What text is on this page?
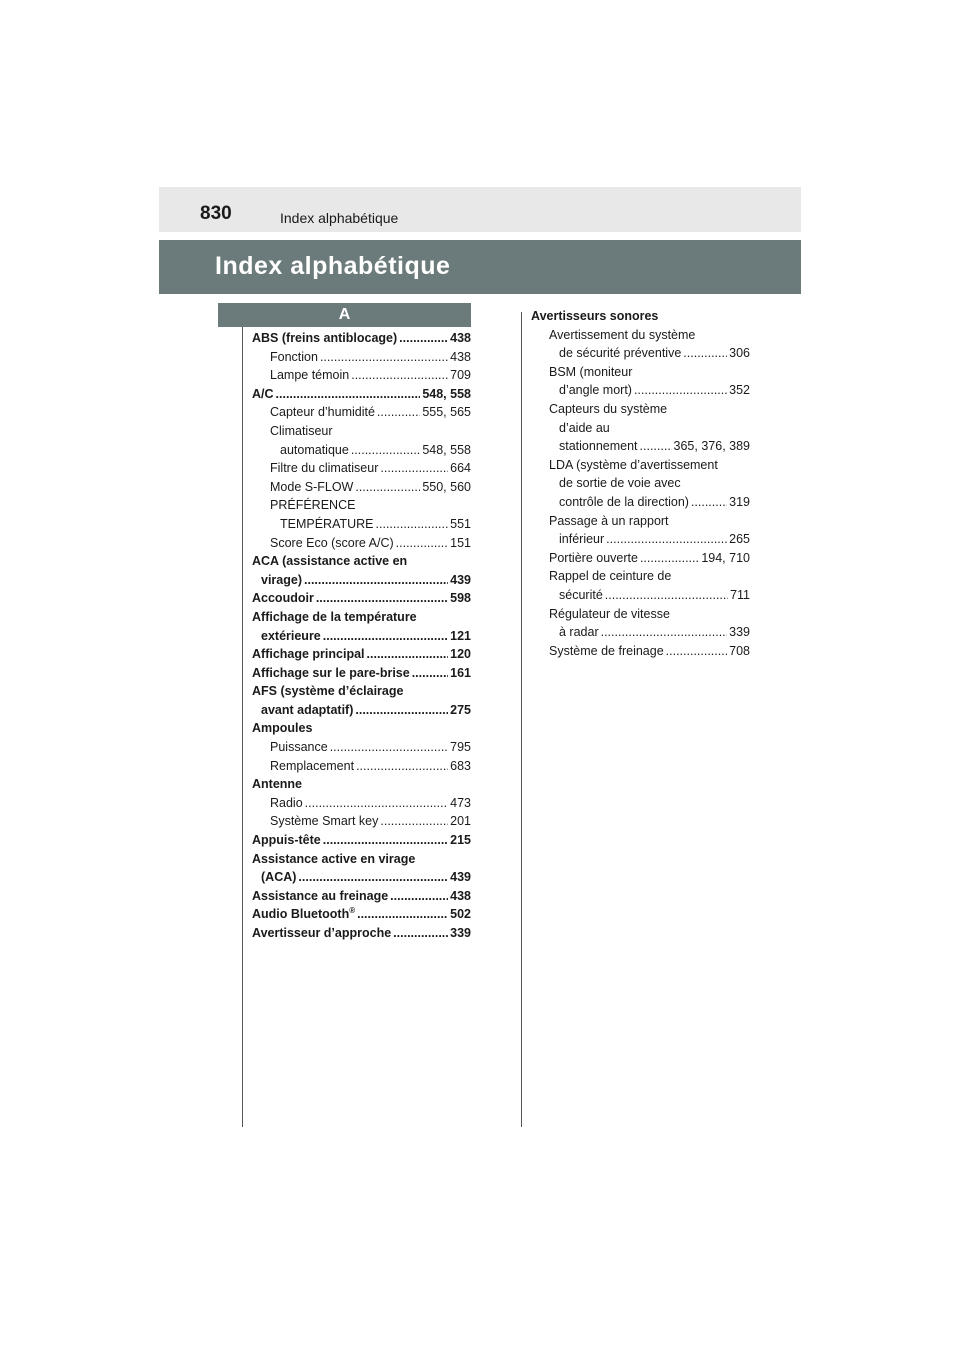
830	Index alphabétique
Index alphabétique
A
ABS (freins antiblocage) .....	438
Fonction .....	438
Lampe témoin .....	709
A/C .....	548, 558
Capteur d’humidité .....	555, 565
Climatiseur
automatique .....	548, 558
Filtre du climatiseur .....	664
Mode S-FLOW .....	550, 560
PRÉFÉRENCE
TEMPÉRATURE .....	551
Score Eco (score A/C) .....	151
ACA (assistance active en
virage) .....	439
Accoudoir .....	598
Affichage de la température
extérieure .....	121
Affichage principal .....	120
Affichage sur le pare-brise .....	161
AFS (système d’éclairage
avant adaptatif) .....	275
Ampoules
Puissance .....	795
Remplacement .....	683
Antenne
Radio .....	473
Système Smart key .....	201
Appuis-tête .....	215
Assistance active en virage
(ACA) .....	439
Assistance au freinage .....	438
Audio Bluetooth® .....	502
Avertisseur d’approche .....	339
Avertisseurs sonores
Avertissement du système
de sécurité préventive .....	306
BSM (moniteur
d’angle mort) .....	352
Capteurs du système
d’aide au
stationnement .....	365, 376, 389
LDA (système d’avertissement
de sortie de voie avec
contrôle de la direction) .....	319
Passage à un rapport
inférieur .....	265
Portière ouverte .....	194, 710
Rappel de ceinture de
sécurité .....	711
Régulateur de vitesse
à radar .....	339
Système de freinage .....	708
